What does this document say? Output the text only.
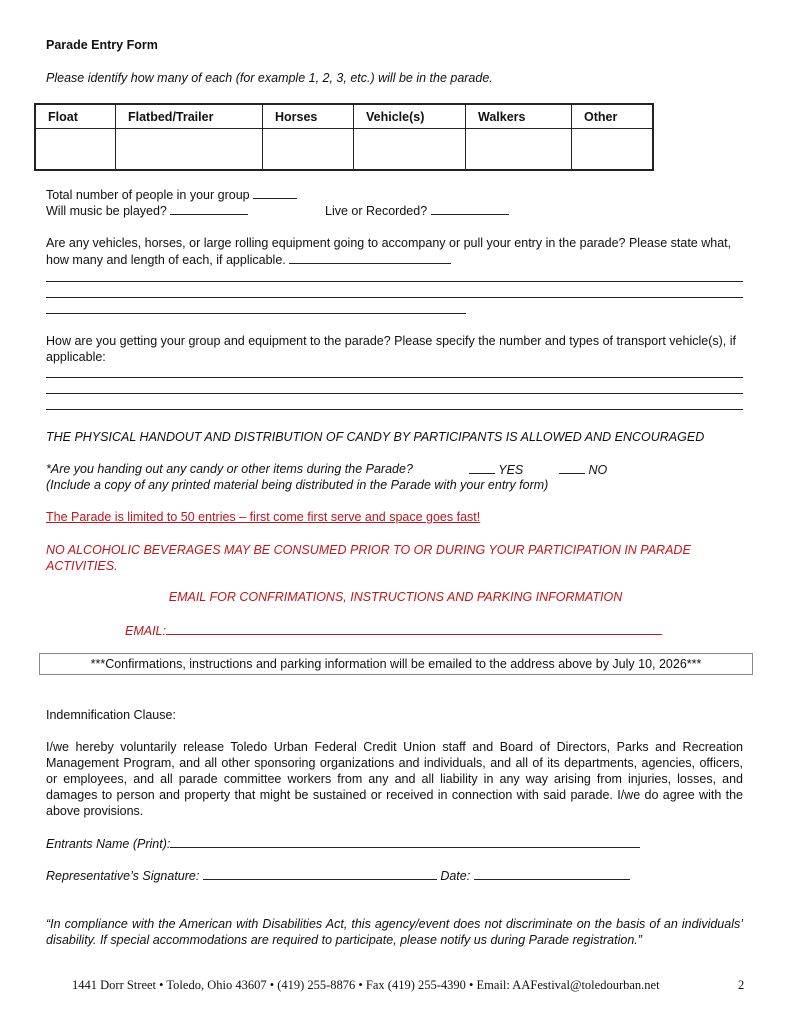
Parade Entry Form
Please identify how many of each (for example 1, 2, 3, etc.) will be in the parade.
Float	Flatbed/Trailer	Horses	Vehicle(s)	Walkers	Other

Total number of people in your group
Will music be played?	Live or Recorded?
Are any vehicles, horses, or large rolling equipment going to accompany or pull your entry in the parade? Please state what, how many and length of each, if applicable.
How are you getting your group and equipment to the parade? Please specify the number and types of transport vehicle(s), if applicable:
THE PHYSICAL HANDOUT AND DISTRIBUTION OF CANDY BY PARTICIPANTS IS ALLOWED AND ENCOURAGED
*Are you handing out any candy or other items during the Parade?	YES	NO
(Include a copy of any printed material being distributed in the Parade with your entry form)
The Parade is limited to 50 entries – first come first serve and space goes fast!
NO ALCOHOLIC BEVERAGES MAY BE CONSUMED PRIOR TO OR DURING YOUR PARTICIPATION IN PARADE ACTIVITIES.
EMAIL FOR CONFRIMATIONS, INSTRUCTIONS AND PARKING INFORMATION
EMAIL:
***Confirmations, instructions and parking information will be emailed to the address above by July 10, 2026***
Indemnification Clause:
I/we hereby voluntarily release Toledo Urban Federal Credit Union staff and Board of Directors, Parks and Recreation Management Program, and all other sponsoring organizations and individuals, and all of its departments, agencies, officers, or employees, and all parade committee workers from any and all liability in any way arising from injuries, losses, and damages to person and property that might be sustained or received in connection with said parade. I/we do agree with the above provisions.
Entrants Name (Print):
Representative’s Signature:	Date:
“In compliance with the American with Disabilities Act, this agency/event does not discriminate on the basis of an individuals’ disability. If special accommodations are required to participate, please notify us during Parade registration.”
1441 Dorr Street • Toledo, Ohio 43607 • (419) 255-8876 • Fax (419) 255-4390 • Email: AAFestival@toledourban.net	2
